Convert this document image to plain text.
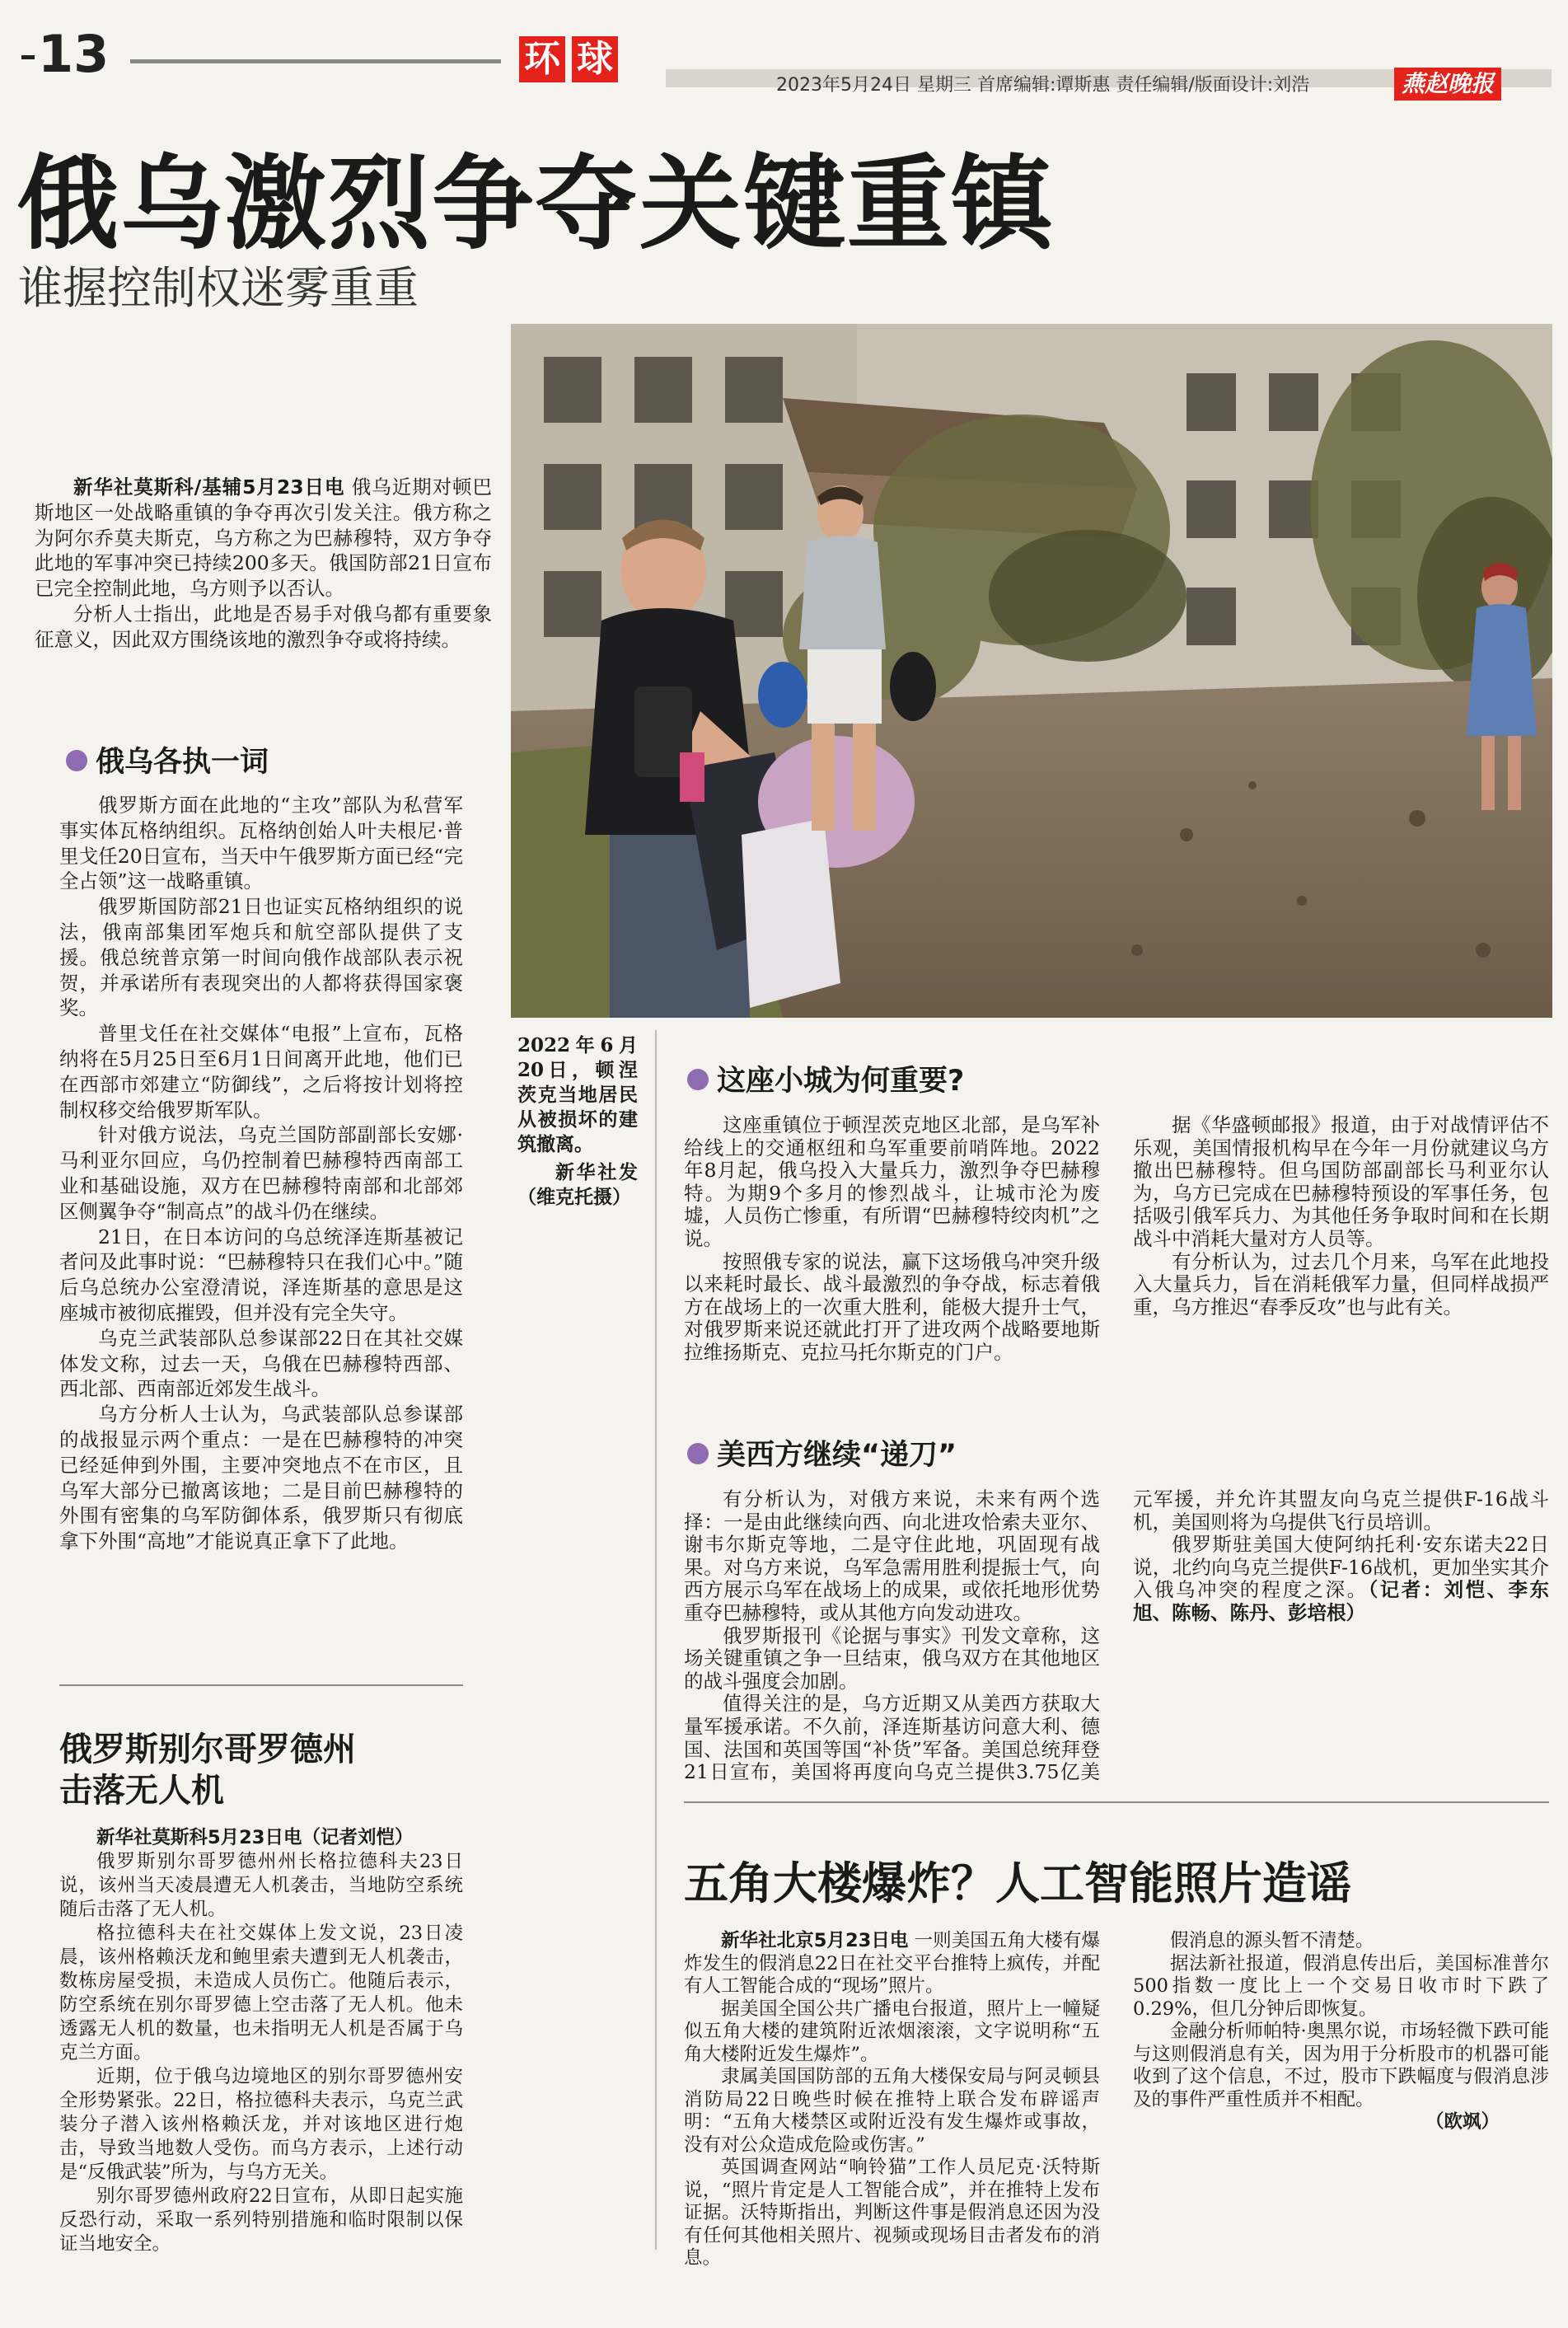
13	环 球
2023年5月24日 星期三 首席编辑:谭斯惠 责任编辑/版面设计:刘浩	燕赵晚报
俄乌激烈争夺关键重镇
谁握控制权迷雾重重
2022年6月20日，顿涅茨克当地居民从被损坏的建筑撤离。

新华社发（维克托摄）

新华社莫斯科/基辅5月23日电 俄乌近期对顿巴斯地区一处战略重镇的争夺再次引发关注。俄方称之为阿尔乔莫夫斯克，乌方称之为巴赫穆特，双方争夺此地的军事冲突已持续200多天。俄国防部21日宣布已完全控制此地，乌方则予以否认。

分析人士指出，此地是否易手对俄乌都有重要象征意义，因此双方围绕该地的激烈争夺或将持续。

俄乌各执一词

俄罗斯方面在此地的“主攻”部队为私营军事实体瓦格纳组织。瓦格纳创始人叶夫根尼·普里戈任20日宣布，当天中午俄罗斯方面已经“完全占领”这一战略重镇。

俄罗斯国防部21日也证实瓦格纳组织的说法，俄南部集团军炮兵和航空部队提供了支援。俄总统普京第一时间向俄作战部队表示祝贺，并承诺所有表现突出的人都将获得国家褒奖。

普里戈任在社交媒体“电报”上宣布，瓦格纳将在5月25日至6月1日间离开此地，他们已在西部市郊建立“防御线”，之后将按计划将控制权移交给俄罗斯军队。

针对俄方说法，乌克兰国防部副部长安娜·马利亚尔回应，乌仍控制着巴赫穆特西南部工业和基础设施，双方在巴赫穆特南部和北部郊区侧翼争夺“制高点”的战斗仍在继续。

21日，在日本访问的乌总统泽连斯基被记者问及此事时说：“巴赫穆特只在我们心中。”随后乌总统办公室澄清说，泽连斯基的意思是这座城市被彻底摧毁，但并没有完全失守。

乌克兰武装部队总参谋部22日在其社交媒体发文称，过去一天，乌俄在巴赫穆特西部、西北部、西南部近郊发生战斗。

乌方分析人士认为，乌武装部队总参谋部的战报显示两个重点：一是在巴赫穆特的冲突已经延伸到外围，主要冲突地点不在市区，且乌军大部分已撤离该地；二是目前巴赫穆特的外围有密集的乌军防御体系，俄罗斯只有彻底拿下外围“高地”才能说真正拿下了此地。

俄罗斯别尔哥罗德州
击落无人机

新华社莫斯科5月23日电（记者刘恺）

俄罗斯别尔哥罗德州州长格拉德科夫23日说，该州当天凌晨遭无人机袭击，当地防空系统随后击落了无人机。

格拉德科夫在社交媒体上发文说，23日凌晨，该州格赖沃龙和鲍里索夫遭到无人机袭击，数栋房屋受损，未造成人员伤亡。他随后表示，防空系统在别尔哥罗德上空击落了无人机。他未透露无人机的数量，也未指明无人机是否属于乌克兰方面。

近期，位于俄乌边境地区的别尔哥罗德州安全形势紧张。22日，格拉德科夫表示，乌克兰武装分子潜入该州格赖沃龙，并对该地区进行炮击，导致当地数人受伤。而乌方表示，上述行动是“反俄武装”所为，与乌方无关。

别尔哥罗德州政府22日宣布，从即日起实施反恐行动，采取一系列特别措施和临时限制以保证当地安全。

这座小城为何重要?

这座重镇位于顿涅茨克地区北部，是乌军补给线上的交通枢纽和乌军重要前哨阵地。2022年8月起，俄乌投入大量兵力，激烈争夺巴赫穆特。为期9个多月的惨烈战斗，让城市沦为废墟，人员伤亡惨重，有所谓“巴赫穆特绞肉机”之说。

按照俄专家的说法，赢下这场俄乌冲突升级以来耗时最长、战斗最激烈的争夺战，标志着俄方在战场上的一次重大胜利，能极大提升士气，对俄罗斯来说还就此打开了进攻两个战略要地斯拉维扬斯克、克拉马托尔斯克的门户。

据《华盛顿邮报》报道，由于对战情评估不乐观，美国情报机构早在今年一月份就建议乌方撤出巴赫穆特。但乌国防部副部长马利亚尔认为，乌方已完成在巴赫穆特预设的军事任务，包括吸引俄军兵力、为其他任务争取时间和在长期战斗中消耗大量对方人员等。

有分析认为，过去几个月来，乌军在此地投入大量兵力，旨在消耗俄军力量，但同样战损严重，乌方推迟“春季反攻”也与此有关。

美西方继续“递刀”

有分析认为，对俄方来说，未来有两个选择：一是由此继续向西、向北进攻恰索夫亚尔、谢韦尔斯克等地，二是守住此地，巩固现有战果。对乌方来说，乌军急需用胜利提振士气，向西方展示乌军在战场上的成果，或依托地形优势重夺巴赫穆特，或从其他方向发动进攻。

俄罗斯报刊《论据与事实》刊发文章称，这场关键重镇之争一旦结束，俄乌双方在其他地区的战斗强度会加剧。

值得关注的是，乌方近期又从美西方获取大量军援承诺。不久前，泽连斯基访问意大利、德国、法国和英国等国“补货”军备。美国总统拜登21日宣布，美国将再度向乌克兰提供3.75亿美元军援，并允许其盟友向乌克兰提供F-16战斗机，美国则将为乌提供飞行员培训。

俄罗斯驻美国大使阿纳托利·安东诺夫22日说，北约向乌克兰提供F-16战机，更加坐实其介入俄乌冲突的程度之深。（记者：刘恺、李东旭、陈畅、陈丹、彭培根）

五角大楼爆炸？人工智能照片造谣

新华社北京5月23日电 一则美国五角大楼有爆炸发生的假消息22日在社交平台推特上疯传，并配有人工智能合成的“现场”照片。

据美国全国公共广播电台报道，照片上一幢疑似五角大楼的建筑附近浓烟滚滚，文字说明称“五角大楼附近发生爆炸”。

隶属美国国防部的五角大楼保安局与阿灵顿县消防局22日晚些时候在推特上联合发布辟谣声明：“五角大楼禁区或附近没有发生爆炸或事故，没有对公众造成危险或伤害。”

英国调查网站“响铃猫”工作人员尼克·沃特斯说，“照片肯定是人工智能合成”，并在推特上发布证据。沃特斯指出，判断这件事是假消息还因为没有任何其他相关照片、视频或现场目击者发布的消息。

假消息的源头暂不清楚。

据法新社报道，假消息传出后，美国标准普尔500指数一度比上一个交易日收市时下跌了0.29%，但几分钟后即恢复。

金融分析师帕特·奥黑尔说，市场轻微下跌可能与这则假消息有关，因为用于分析股市的机器可能收到了这个信息，不过，股市下跌幅度与假消息涉及的事件严重性质并不相配。

（欧飒）
